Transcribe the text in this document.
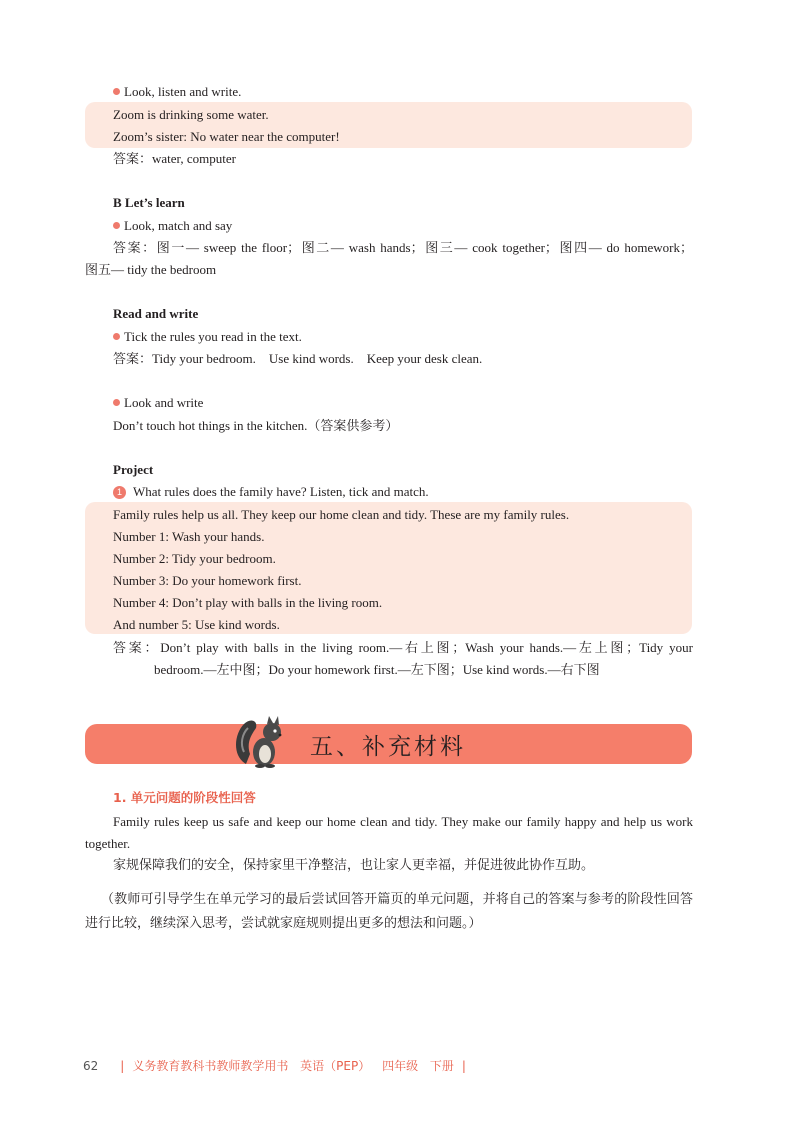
Look, listen and write.
Zoom is drinking some water.
Zoom’s sister: No water near the computer!
答案：water, computer
B Let’s learn
Look, match and say
答案：图一— sweep the floor；图二— wash hands；图三— cook together；图四— do homework；
图五— tidy the bedroom
Read and write
Tick the rules you read in the text.
答案：Tidy your bedroom.    Use kind words.    Keep your desk clean.
Look and write
Don’t touch hot things in the kitchen.（答案供参考）
Project
1 What rules does the family have? Listen, tick and match.
Family rules help us all. They keep our home clean and tidy. These are my family rules.
Number 1: Wash your hands.
Number 2: Tidy your bedroom.
Number 3: Do your homework first.
Number 4: Don’t play with balls in the living room.
And number 5: Use kind words.
答案：Don’t play with balls in the living room.—右上图；Wash your hands.—左上图；Tidy your
bedroom.—左中图；Do your homework first.—左下图；Use kind words.—右下图
五、补充材料
1. 单元问题的阶段性回答
Family rules keep us safe and keep our home clean and tidy. They make our family happy and help us work together.
家规保障我们的安全，保持家里干净整洁，也让家人更幸福，并促进彼此协作互助。
（教师可引导学生在单元学习的最后尝试回答开篇页的单元问题，并将自己的答案与参考的阶段性回答进行比较，继续深入思考，尝试就家庭规则提出更多的想法和问题。）
62 | 义务教育教科书教师教学用书 英语（PEP） 四年级 下册 |
